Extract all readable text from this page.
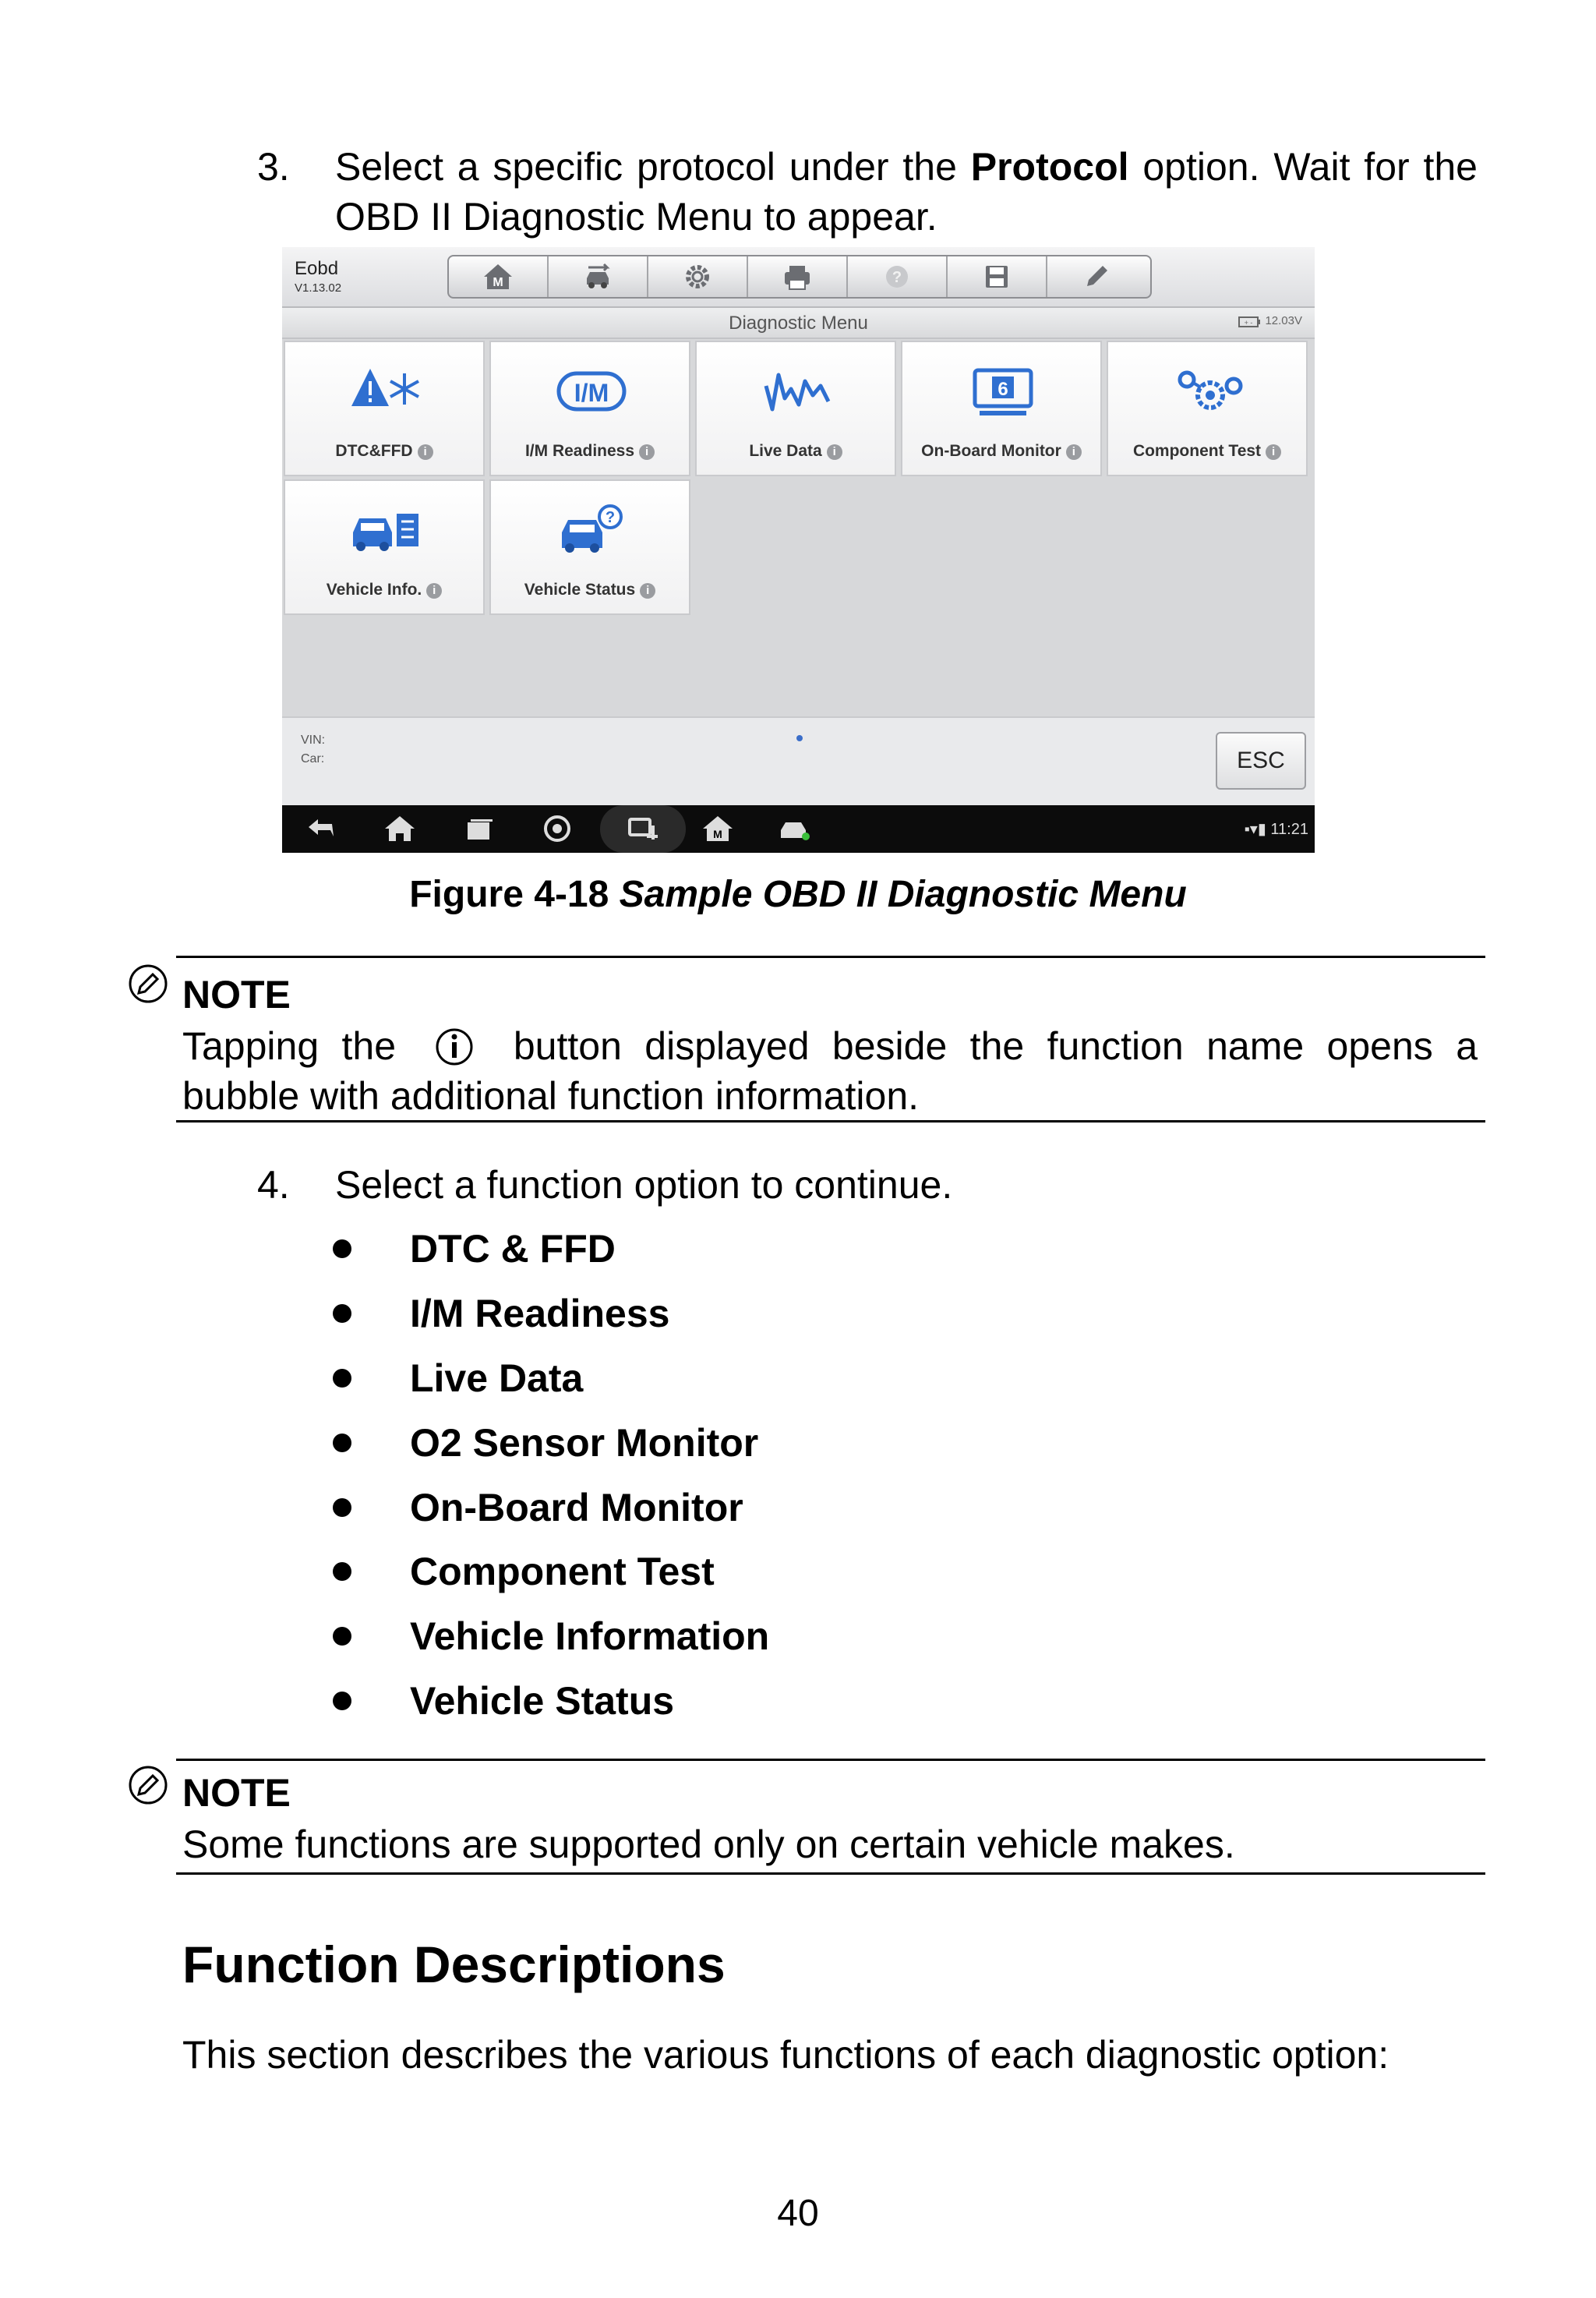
3. Select a specific protocol under the Protocol option. Wait for the OBD II Diagnostic Menu to appear.
Eobd
V1.13.02	M	?
Diagnostic Menu	+ - 12.03V
DTC&FFD i
I/M
I/M Readiness i	Live Data i
6
On-Board Monitor i	Component Test i
Vehicle Info. i
?
Vehicle Status i
VIN:
Car:	ESC
M	▪▾▮ 11:21
Figure 4-18 Sample OBD II Diagnostic Menu
NOTE
Tapping the	button displayed beside the function name opens a bubble with additional function information.
4. Select a function option to continue.
DTC & FFD
I/M Readiness
Live Data
O2 Sensor Monitor
On-Board Monitor
Component Test
Vehicle Information
Vehicle Status
NOTE
Some functions are supported only on certain vehicle makes.
Function Descriptions
This section describes the various functions of each diagnostic option:
40
